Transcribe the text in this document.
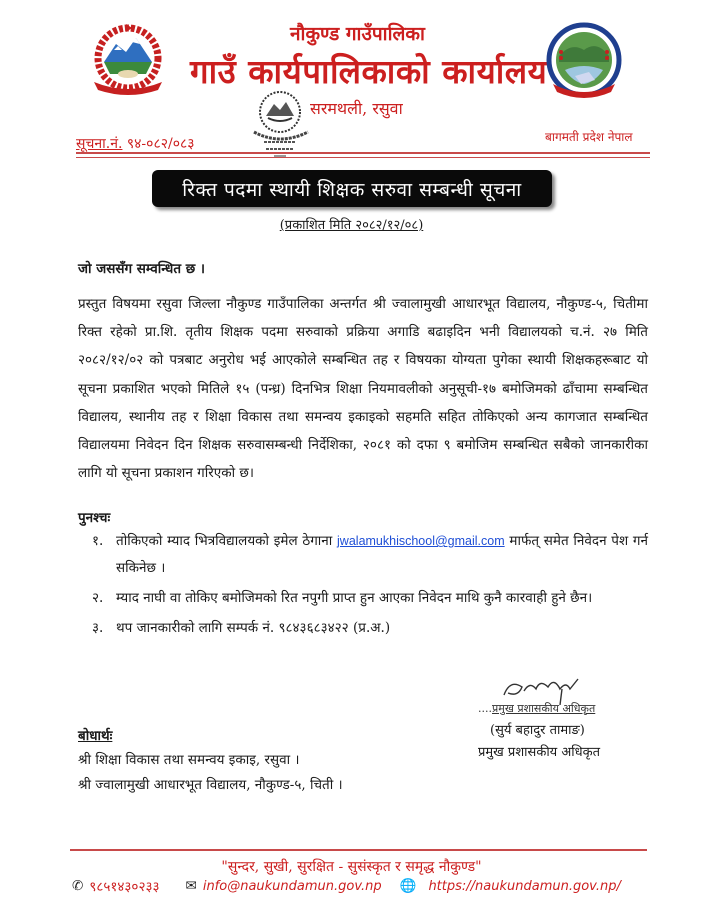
नौकुण्ड गाउँपालिका
गाउँ कार्यपालिकाको कार्यालय
सरमथली, रसुवा
सूचना.नं. ९४-०८२/०८३	बागमती प्रदेश नेपाल
रिक्त पदमा स्थायी शिक्षक सरुवा सम्बन्धी सूचना
(प्रकाशित मिति २०८२/१२/०८)
जो जससँग सम्वन्धित छ ।
प्रस्तुत विषयमा रसुवा जिल्ला नौकुण्ड गाउँपालिका अन्तर्गत श्री ज्वालामुखी आधारभूत विद्यालय, नौकुण्ड-५, चितीमा रिक्त रहेको प्रा.शि. तृतीय शिक्षक पदमा सरुवाको प्रक्रिया अगाडि बढाइदिन भनी विद्यालयको च.नं. २७ मिति २०८२/१२/०२ को पत्रबाट अनुरोध भई आएकोले सम्बन्धित तह र विषयका योग्यता पुगेका स्थायी शिक्षकहरूबाट यो सूचना प्रकाशित भएको मितिले १५ (पन्ध्र) दिनभित्र शिक्षा नियमावलीको अनुसूची-१७ बमोजिमको ढाँचामा सम्बन्धित विद्यालय, स्थानीय तह र शिक्षा विकास तथा समन्वय इकाइको सहमति सहित तोकिएको अन्य कागजात सम्बन्धित विद्यालयमा निवेदन दिन शिक्षक सरुवासम्बन्धी निर्देशिका, २०८१ को दफा ९ बमोजिम सम्बन्धित सबैको जानकारीका लागि यो सूचना प्रकाशन गरिएको छ।
पुनश्चः
१. तोकिएको म्याद भित्रविद्यालयको इमेल ठेगाना jwalamukhischool@gmail.com मार्फत् समेत निवेदन पेश गर्न सकिनेछ ।
२. म्याद नाघी वा तोकिए बमोजिमको रित नपुगी प्राप्त हुन आएका निवेदन माथि कुनै कारवाही हुने छैन।
३. थप जानकारीको लागि सम्पर्क नं. ९८४३६८३४२२ (प्र.अ.)
....प्रमुख प्रशासकीय अधिकृत
(सुर्य बहादुर तामाङ)
प्रमुख प्रशासकीय अधिकृत
बोधार्थः
श्री शिक्षा विकास तथा समन्वय इकाइ, रसुवा ।
श्री ज्वालामुखी आधारभूत विद्यालय, नौकुण्ड-५, चिती ।
"सुन्दर, सुखी, सुरक्षित - सुसंस्कृत र समृद्ध नौकुण्ड"
✆ ९८५१४३०२३३ ✉ info@naukundamun.gov.np 🌐 https://naukundamun.gov.np/
